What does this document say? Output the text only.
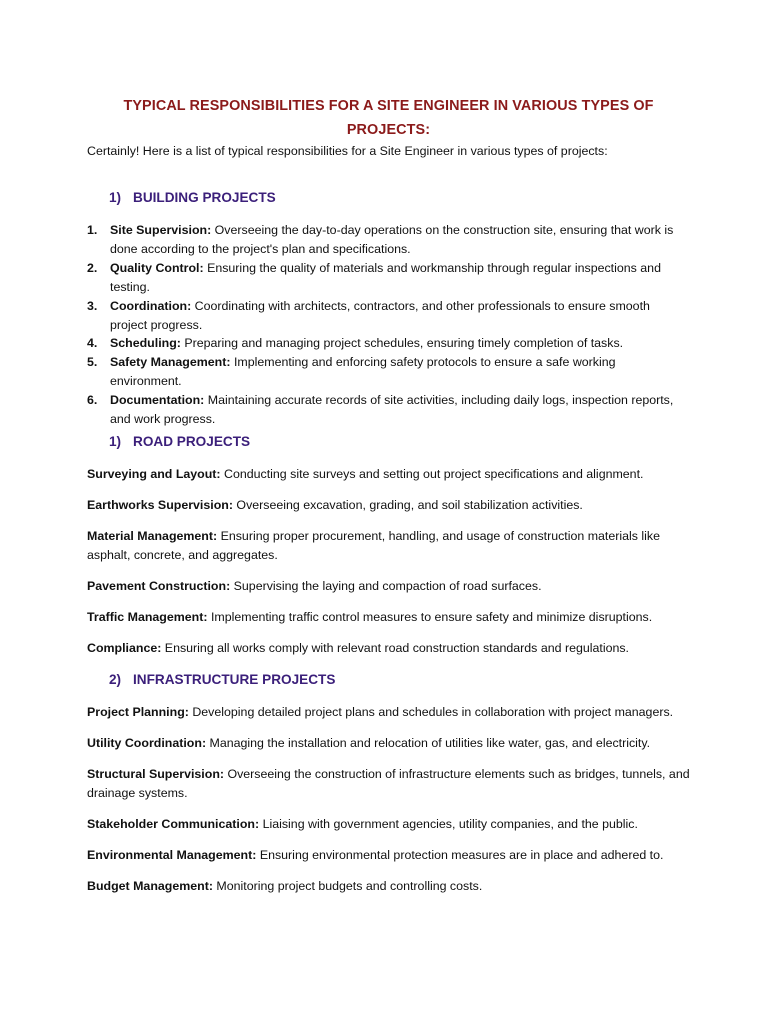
TYPICAL RESPONSIBILITIES FOR A SITE ENGINEER IN VARIOUS TYPES OF PROJECTS:

Certainly! Here is a list of typical responsibilities for a Site Engineer in various types of projects:

1) BUILDING PROJECTS
1.	Site Supervision: Overseeing the day-to-day operations on the construction site, ensuring that work is done according to the project's plan and specifications.
2.	Quality Control: Ensuring the quality of materials and workmanship through regular inspections and testing.
3.	Coordination: Coordinating with architects, contractors, and other professionals to ensure smooth project progress.
4.	Scheduling: Preparing and managing project schedules, ensuring timely completion of tasks.
5.	Safety Management: Implementing and enforcing safety protocols to ensure a safe working environment.
6.	Documentation: Maintaining accurate records of site activities, including daily logs, inspection reports, and work progress.
1) ROAD PROJECTS

Surveying and Layout: Conducting site surveys and setting out project specifications and alignment.

Earthworks Supervision: Overseeing excavation, grading, and soil stabilization activities.

Material Management: Ensuring proper procurement, handling, and usage of construction materials like asphalt, concrete, and aggregates.

Pavement Construction: Supervising the laying and compaction of road surfaces.

Traffic Management: Implementing traffic control measures to ensure safety and minimize disruptions.

Compliance: Ensuring all works comply with relevant road construction standards and regulations.

2) INFRASTRUCTURE PROJECTS

Project Planning: Developing detailed project plans and schedules in collaboration with project managers.

Utility Coordination: Managing the installation and relocation of utilities like water, gas, and electricity.

Structural Supervision: Overseeing the construction of infrastructure elements such as bridges, tunnels, and drainage systems.

Stakeholder Communication: Liaising with government agencies, utility companies, and the public.

Environmental Management: Ensuring environmental protection measures are in place and adhered to.

Budget Management: Monitoring project budgets and controlling costs.
